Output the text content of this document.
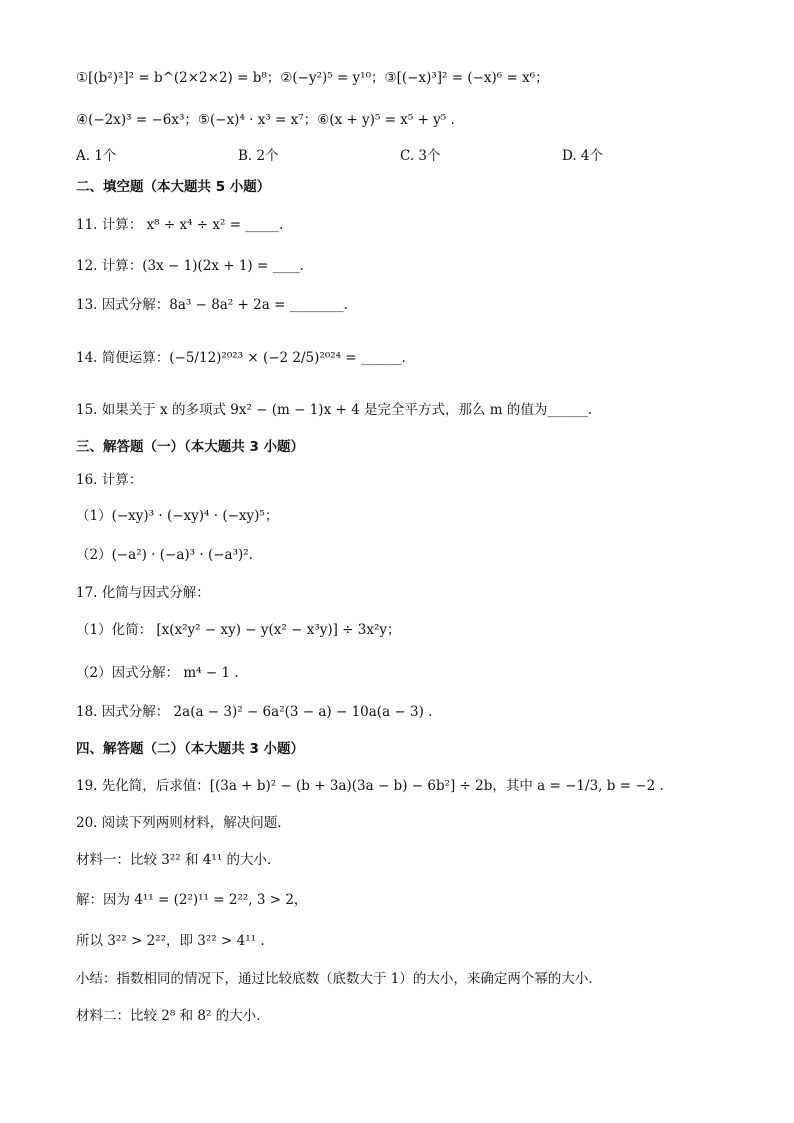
①[(b²)²]² = b^(2×2×2) = b⁸；②(−y²)⁵ = y¹⁰；③[(−x)³]² = (−x)⁶ = x⁶；
④(−2x)³ = −6x³；⑤(−x)⁴ · x³ = x⁷；⑥(x + y)⁵ = x⁵ + y⁵ .
A. 1个	B. 2个	C. 3个	D. 4个
二、填空题（本大题共 5 小题）
11. 计算： x⁸ ÷ x⁴ ÷ x² = _____.
12. 计算：(3x − 1)(2x + 1) = ____.
13. 因式分解：8a³ − 8a² + 2a = ________.
14. 简便运算：(−5/12)²⁰²³ × (−2 2/5)²⁰²⁴ = ______.
15. 如果关于 x 的多项式 9x² − (m − 1)x + 4 是完全平方式，那么 m 的值为______.
三、解答题（一）（本大题共 3 小题）
16. 计算：
（1）(−xy)³ · (−xy)⁴ · (−xy)⁵；
（2）(−a²) · (−a)³ · (−a³)².
17. 化简与因式分解：
（1）化简： [x(x²y² − xy) − y(x² − x³y)] ÷ 3x²y；
（2）因式分解： m⁴ − 1 .
18. 因式分解： 2a(a − 3)² − 6a²(3 − a) − 10a(a − 3) .
四、解答题（二）（本大题共 3 小题）
19. 先化简，后求值：[(3a + b)² − (b + 3a)(3a − b) − 6b²] ÷ 2b，其中 a = −1/3, b = −2 .
20. 阅读下列两则材料，解决问题.
材料一：比较 3²² 和 4¹¹ 的大小.
解：因为 4¹¹ = (2²)¹¹ = 2²², 3 > 2，
所以 3²² > 2²²，即 3²² > 4¹¹ .
小结：指数相同的情况下，通过比较底数（底数大于 1）的大小，来确定两个幂的大小.
材料二：比较 2⁸ 和 8² 的大小.
